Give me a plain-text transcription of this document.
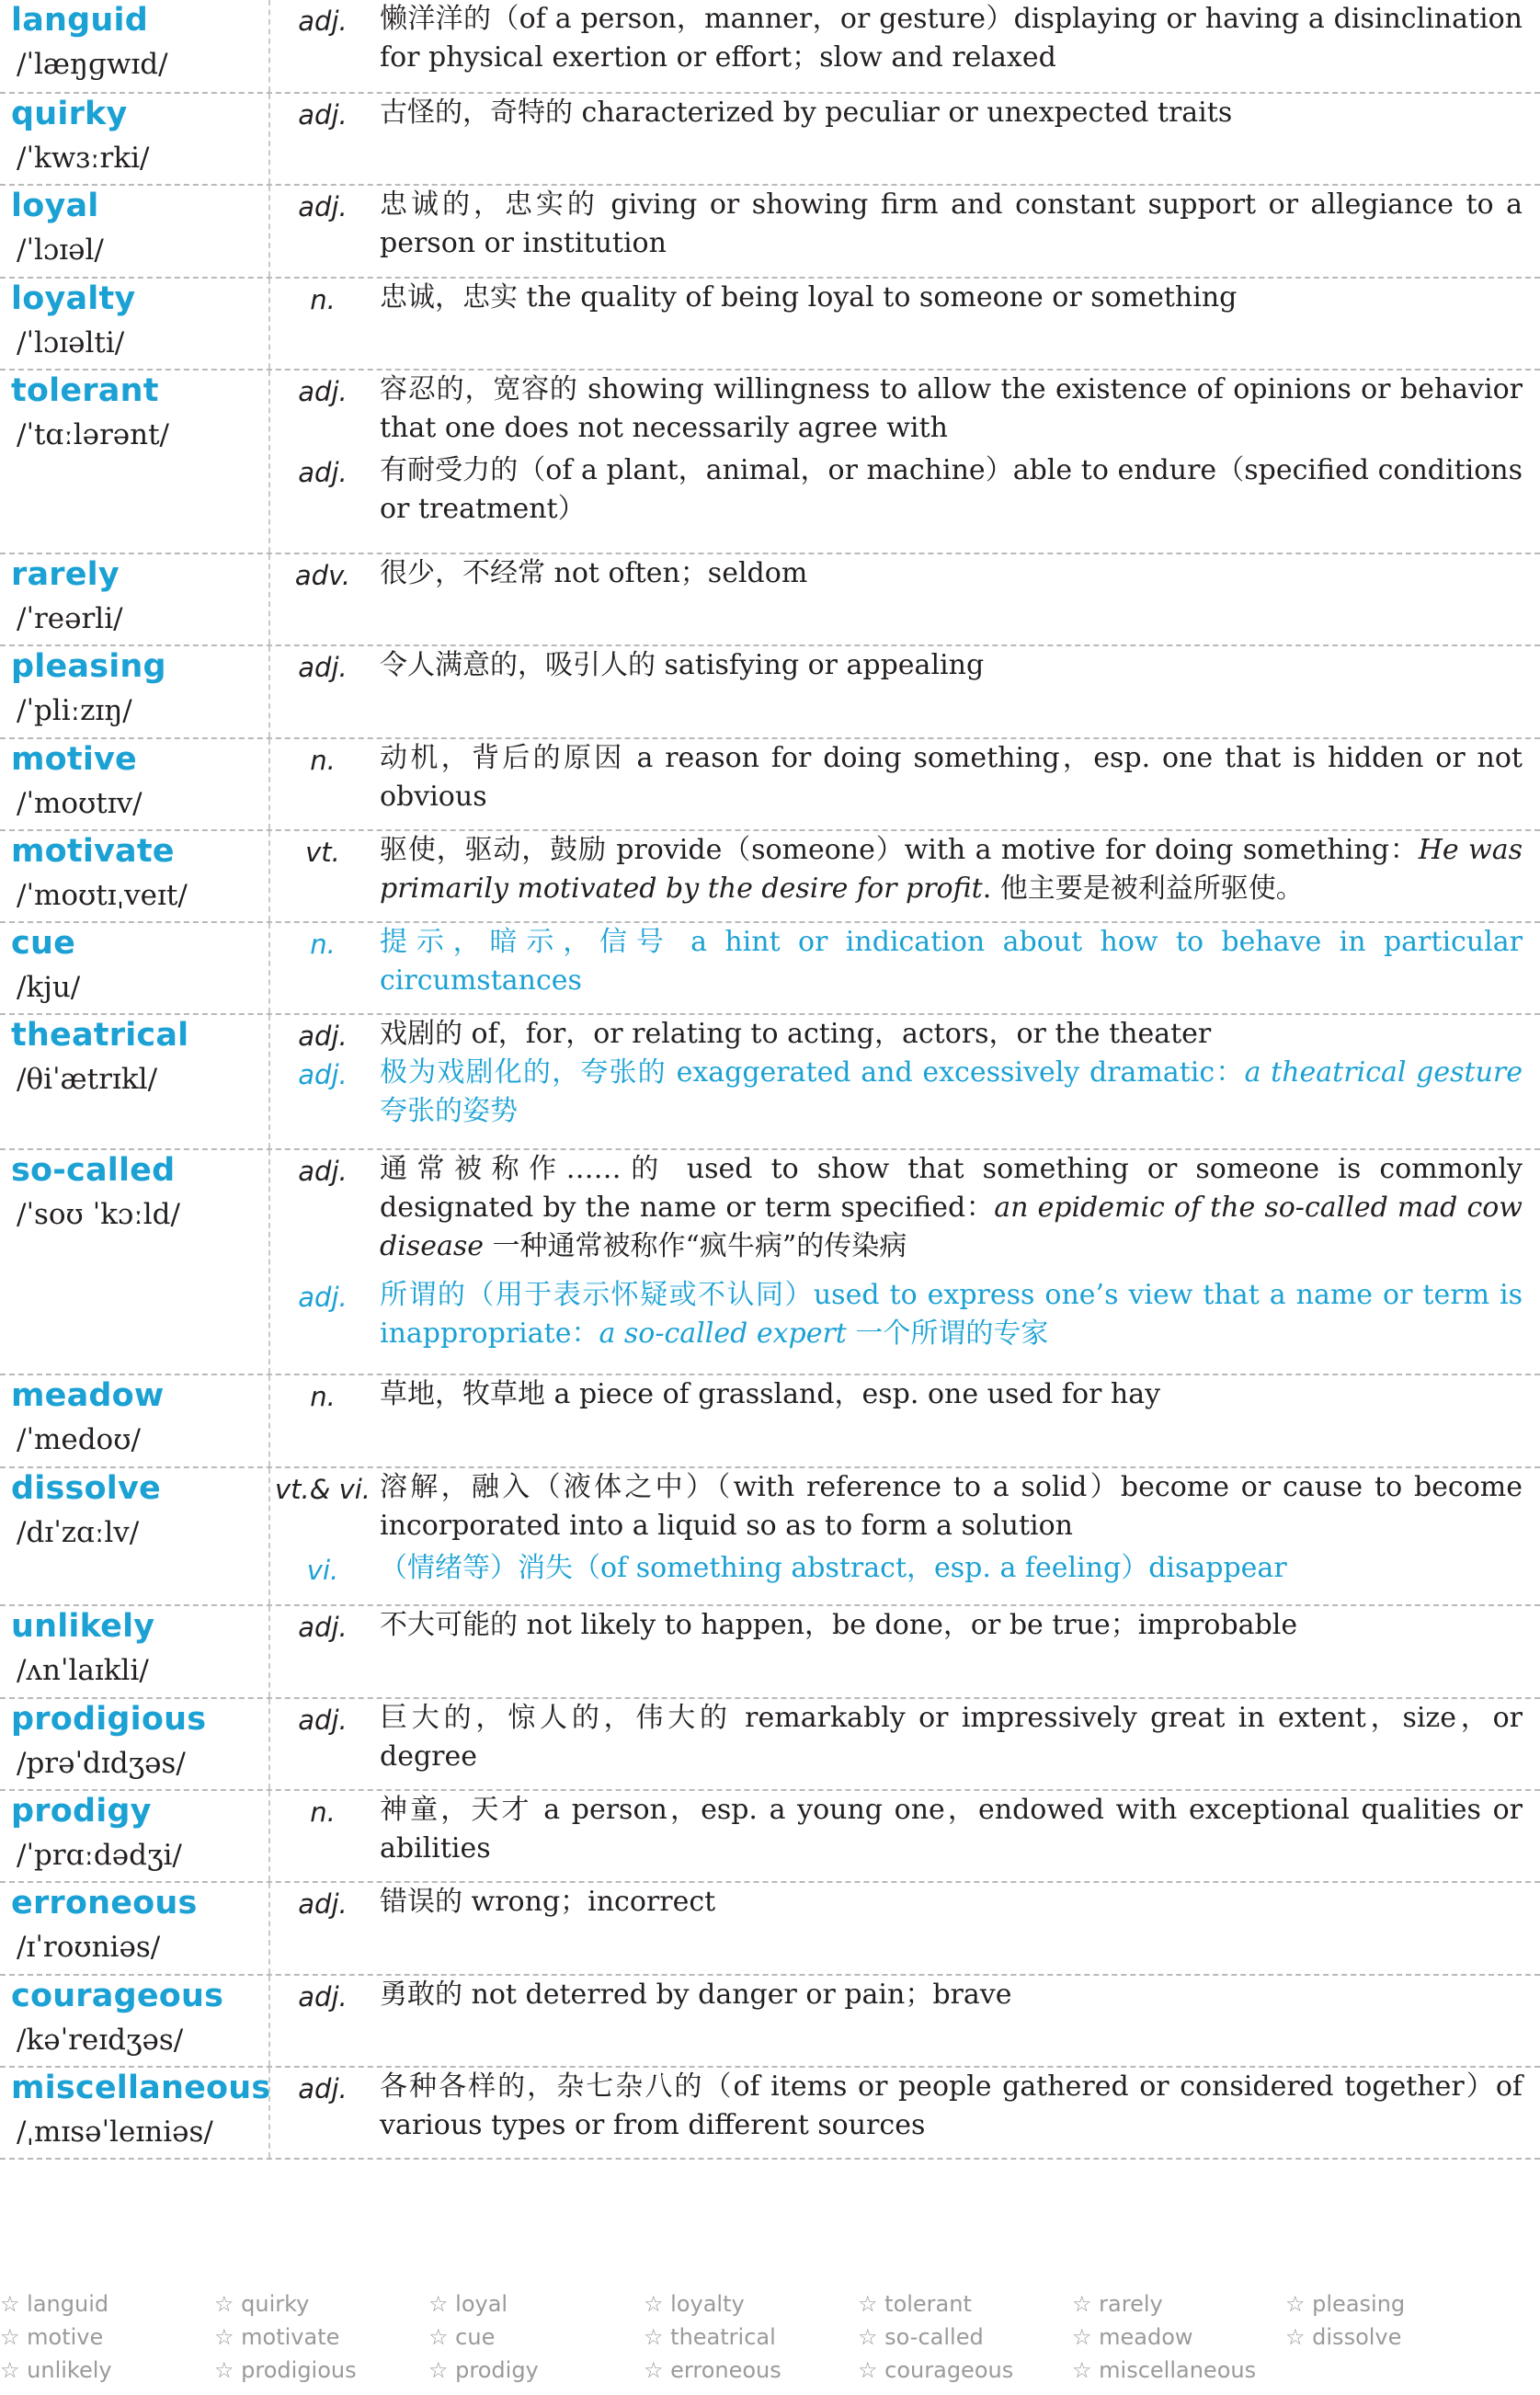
languid
/ˈlæŋɡwɪd/
adj.	懒洋洋的（of a person，manner，or gesture）displaying or having a disinclination for physical exertion or effort；slow and relaxed
quirky
/ˈkwɜːrki/
adj.	古怪的，奇特的 characterized by peculiar or unexpected traits
loyal
/ˈlɔɪəl/
adj.	忠诚的，忠实的 giving or showing firm and constant support or allegiance to a person or institution
loyalty
/ˈlɔɪəlti/
n.	忠诚，忠实 the quality of being loyal to someone or something
tolerant
/ˈtɑːlərənt/
adj.	容忍的，宽容的 showing willingness to allow the existence of opinions or behavior that one does not necessarily agree with
adj.	有耐受力的（of a plant，animal，or machine）able to endure（specified conditions or treatment）
rarely
/ˈreərli/
adv.	很少，不经常 not often；seldom
pleasing
/ˈpliːzɪŋ/
adj.	令人满意的，吸引人的 satisfying or appealing
motive
/ˈmoʊtɪv/
n.	动机，背后的原因 a reason for doing something，esp. one that is hidden or not obvious
motivate
/ˈmoʊtɪˌveɪt/
vt.	驱使，驱动，鼓励 provide（someone）with a motive for doing something：He was primarily motivated by the desire for profit. 他主要是被利益所驱使。
cue
/kju/
n.	提示，暗示，信号 a hint or indication about how to behave in particular circumstances
theatrical
/θiˈætrɪkl/
adj.	戏剧的 of，for，or relating to acting，actors，or the theater
adj.	极为戏剧化的，夸张的 exaggerated and excessively dramatic：a theatrical gesture 夸张的姿势
so-called
/ˈsoʊ ˈkɔːld/
adj.	通常被称作……的 used to show that something or someone is commonly designated by the name or term specified：an epidemic of the so-called mad cow disease 一种通常被称作“疯牛病”的传染病
adj.	所谓的（用于表示怀疑或不认同）used to express one’s view that a name or term is inappropriate：a so-called expert 一个所谓的专家
meadow
/ˈmedoʊ/
n.	草地，牧草地 a piece of grassland，esp. one used for hay
dissolve
/dɪˈzɑːlv/
vt.& vi. 溶解，融入（液体之中）（with reference to a solid）become or cause to become incorporated into a liquid so as to form a solution
vi.	（情绪等）消失（of something abstract，esp. a feeling）disappear
unlikely
/ʌnˈlaɪkli/
adj.	不大可能的 not likely to happen，be done，or be true；improbable
prodigious
/prəˈdɪdʒəs/
adj.	巨大的，惊人的，伟大的 remarkably or impressively great in extent，size，or degree
prodigy
/ˈprɑːdədʒi/
n.	神童，天才 a person，esp. a young one，endowed with exceptional qualities or abilities
erroneous
/ɪˈroʊniəs/
adj.	错误的 wrong；incorrect
courageous
/kəˈreɪdʒəs/
adj.	勇敢的 not deterred by danger or pain；brave
miscellaneous
/ˌmɪsəˈleɪniəs/
adj.	各种各样的，杂七杂八的（of items or people gathered or considered together）of various types or from different sources
☆ languid	☆ quirky	☆ loyal	☆ loyalty	☆ tolerant	☆ rarely	☆ pleasing
☆ motive	☆ motivate	☆ cue	☆ theatrical	☆ so-called	☆ meadow	☆ dissolve
☆ unlikely	☆ prodigious	☆ prodigy	☆ erroneous	☆ courageous	☆ miscellaneous
